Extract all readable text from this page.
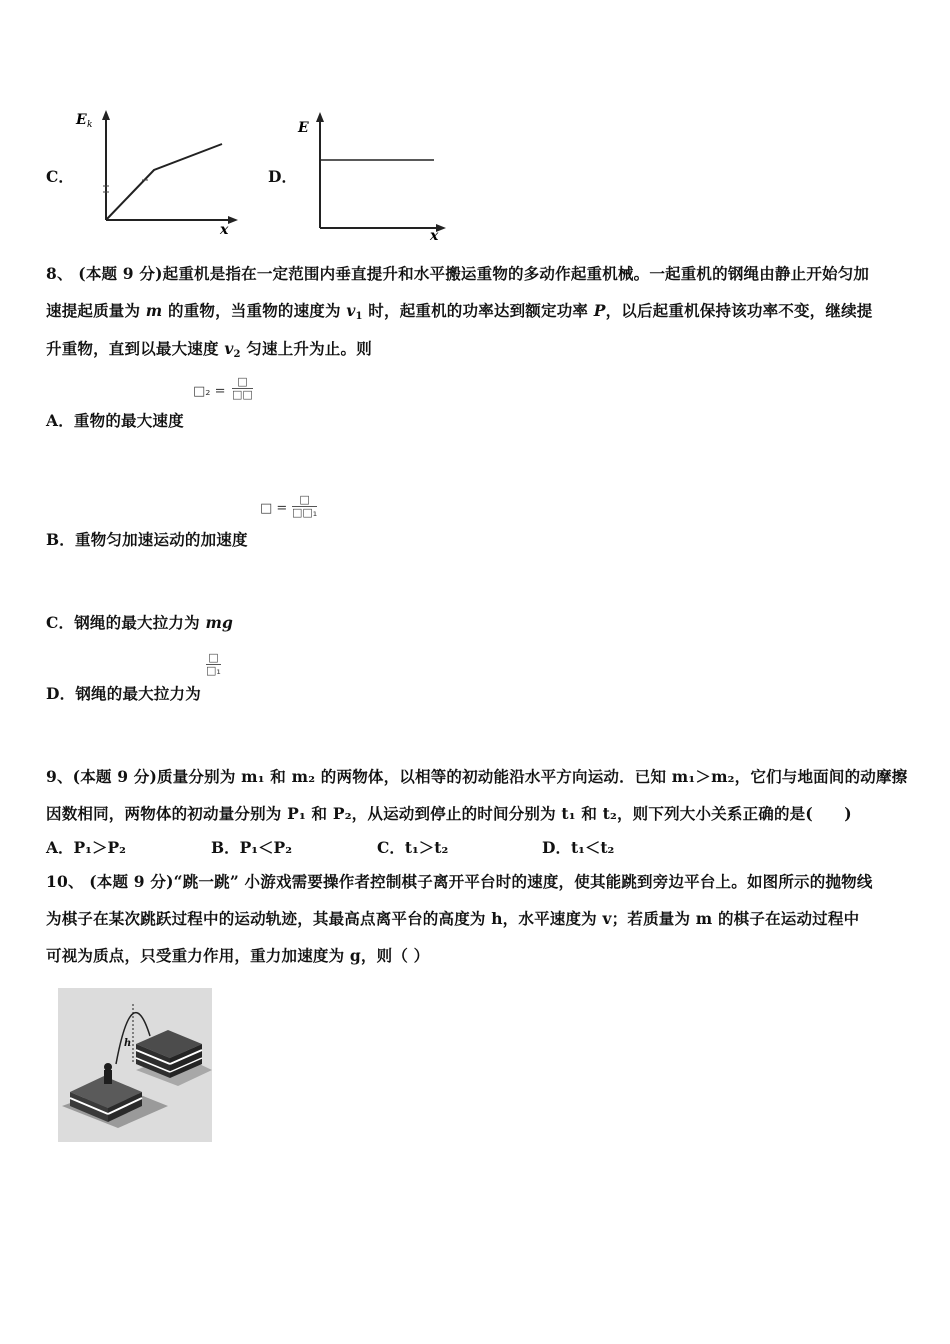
C．
E k
x
D．
E
x
8、 (本题 9 分)起重机是指在一定范围内垂直提升和水平搬运重物的多动作起重机械。一起重机的钢绳由静止开始匀加
速提起质量为 m 的重物，当重物的速度为 $v_1$ 时，起重机的功率达到额定功率 P，以后起重机保持该功率不变，继续提
升重物，直到以最大速度 $v_2$ 匀速上升为止。则
□₂ =
□
□□
A．重物的最大速度
□ =
□
□□₁
B．重物匀加速运动的加速度
C．钢绳的最大拉力为 mg
□
□₁
D．钢绳的最大拉力为
9、(本题 9 分)质量分别为 m₁ 和 m₂ 的两物体，以相等的初动能沿水平方向运动．已知 m₁＞m₂，它们与地面间的动摩擦
因数相同，两物体的初动量分别为 P₁ 和 P₂，从运动到停止的时间分别为 t₁ 和 t₂，则下列大小关系正确的是(　　)
A．P₁＞P₂	B．P₁＜P₂	C．t₁＞t₂	D．t₁＜t₂
10、 (本题 9 分)“跳一跳” 小游戏需要操作者控制棋子离开平台时的速度，使其能跳到旁边平台上。如图所示的抛物线
为棋子在某次跳跃过程中的运动轨迹，其最高点离平台的高度为 h，水平速度为 v；若质量为 m 的棋子在运动过程中
可视为质点，只受重力作用，重力加速度为 g，则（ ）
h
